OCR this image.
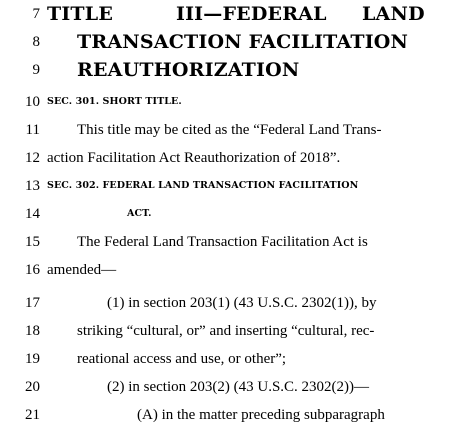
7 TITLE	III—FEDERAL LAND
8 TRANSACTION FACILITATION
9 REAUTHORIZATION
10 SEC. 301. SHORT TITLE.
11 This title may be cited as the “Federal Land Trans-
12 action Facilitation Act Reauthorization of 2018”.
13 SEC. 302. FEDERAL LAND TRANSACTION FACILITATION
14	ACT.
15 The Federal Land Transaction Facilitation Act is
16 amended—
17	(1) in section 203(1) (43 U.S.C. 2302(1)), by
18 striking “cultural, or” and inserting “cultural, rec-
19 reational access and use, or other”;
20	(2) in section 203(2) (43 U.S.C. 2302(2))—
21	(A) in the matter preceding subparagraph
